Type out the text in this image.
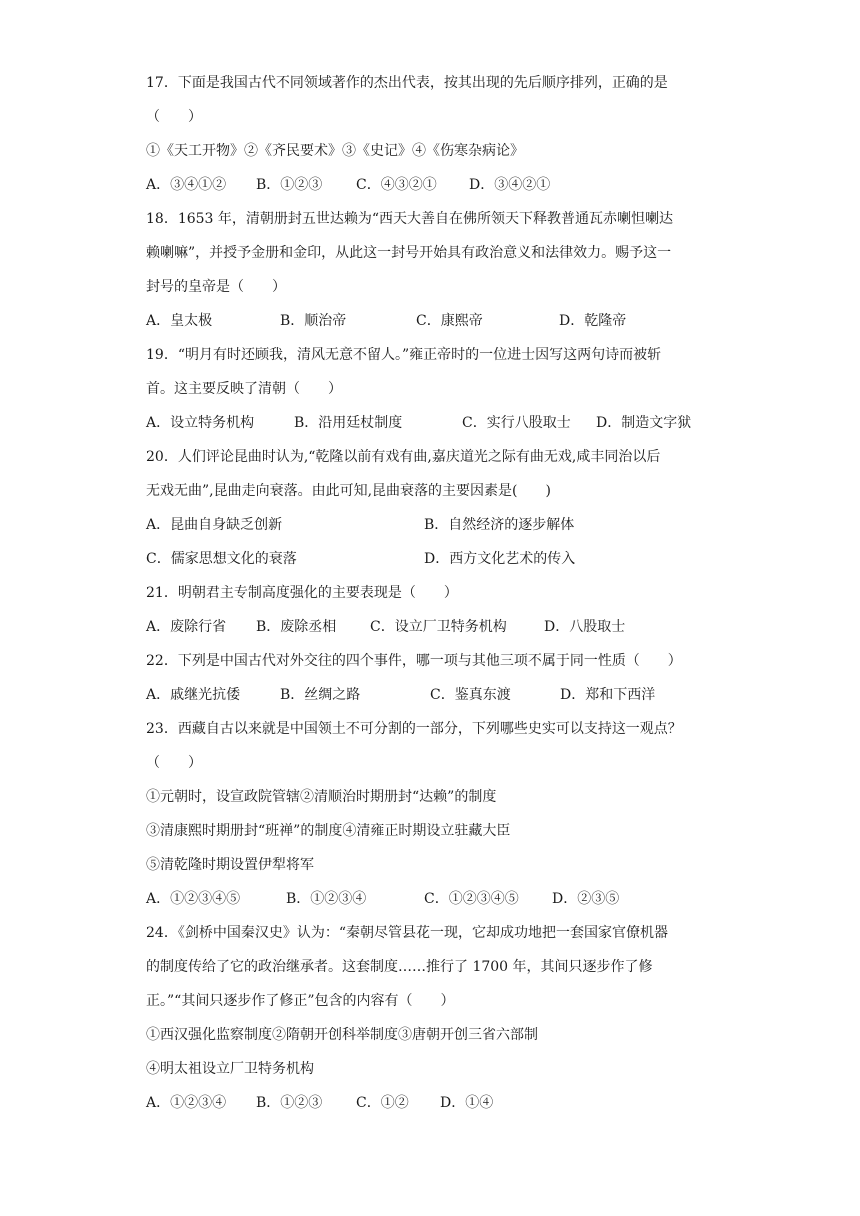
17．下面是我国古代不同领域著作的杰出代表，按其出现的先后顺序排列，正确的是
（　　）
①《天工开物》②《齐民要术》③《史记》④《伤寒杂病论》
A．③④①② B．①②③ C．④③②① D．③④②①
18．1653 年，清朝册封五世达赖为“西天大善自在佛所领天下释教普通瓦赤喇怛喇达
赖喇嘛”，并授予金册和金印，从此这一封号开始具有政治意义和法律效力。赐予这一
封号的皇帝是（　　）
A．皇太极	B．顺治帝	C．康熙帝	D．乾隆帝
19．“明月有时还顾我，清风无意不留人。”雍正帝时的一位进士因写这两句诗而被斩
首。这主要反映了清朝（　　）
A．设立特务机构	B．沿用廷杖制度	C．实行八股取士 D．制造文字狱
20．人们评论昆曲时认为,“乾隆以前有戏有曲,嘉庆道光之际有曲无戏,咸丰同治以后
无戏无曲”,昆曲走向衰落。由此可知,昆曲衰落的主要因素是(　　)
A．昆曲自身缺乏创新	B．自然经济的逐步解体
C．儒家思想文化的衰落	D．西方文化艺术的传入
21．明朝君主专制高度强化的主要表现是（　　）
A．废除行省 B．废除丞相 C．设立厂卫特务机构	D．八股取士
22．下列是中国古代对外交往的四个事件，哪一项与其他三项不属于同一性质（　　）
A．戚继光抗倭	B．丝绸之路	C．鉴真东渡	D．郑和下西洋
23．西藏自古以来就是中国领土不可分割的一部分，下列哪些史实可以支持这一观点？
（　　）
①元朝时，设宣政院管辖②清顺治时期册封“达赖”的制度
③清康熙时期册封“班禅”的制度④清雍正时期设立驻藏大臣
⑤清乾隆时期设置伊犁将军
A．①②③④⑤	B．①②③④	C．①②③④⑤ D．②③⑤
24．《剑桥中国秦汉史》认为：“秦朝尽管县花一现，它却成功地把一套国家官僚机器
的制度传给了它的政治继承者。这套制度……推行了 1700 年，其间只逐步作了修
正。”“其间只逐步作了修正”包含的内容有（　　）
①西汉强化监察制度②隋朝开创科举制度③唐朝开创三省六部制
④明太祖设立厂卫特务机构
A．①②③④ B．①②③ C．①② D．①④
